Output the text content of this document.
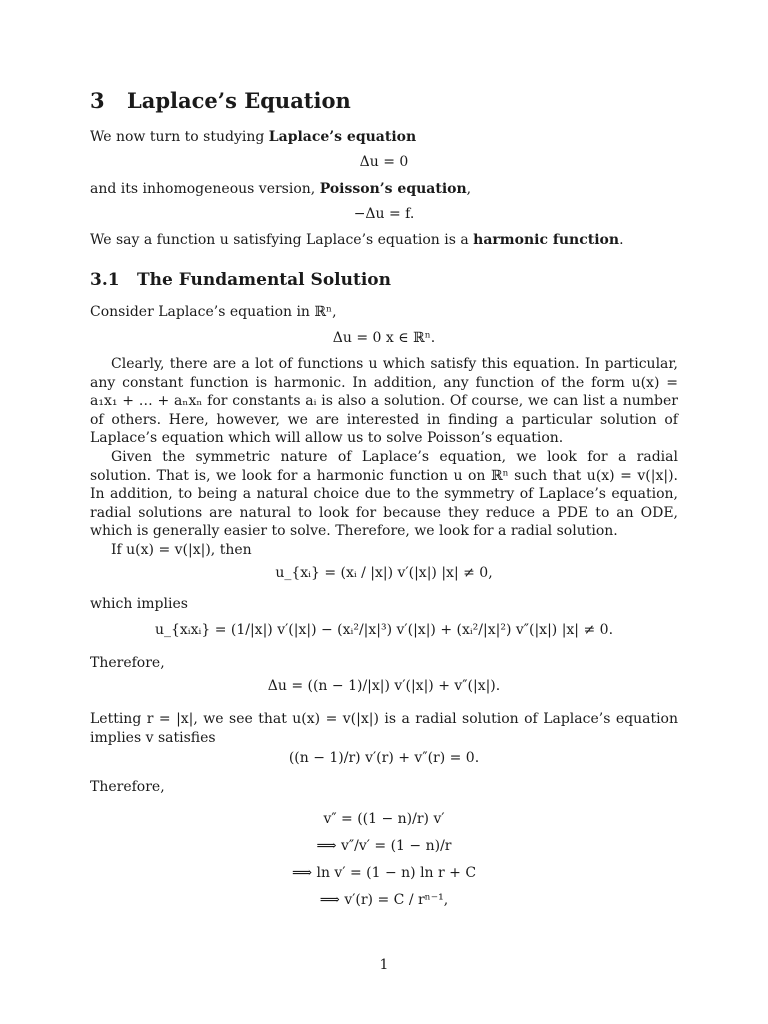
3 Laplace’s Equation

We now turn to studying Laplace’s equation

Δu = 0

and its inhomogeneous version, Poisson’s equation,

−Δu = f.

We say a function u satisfying Laplace’s equation is a harmonic function.

3.1 The Fundamental Solution

Consider Laplace’s equation in ℝⁿ,

Δu = 0 x ∈ ℝⁿ.

Clearly, there are a lot of functions u which satisfy this equation. In particular, any constant function is harmonic. In addition, any function of the form u(x) = a₁x₁ + … + aₙxₙ for constants aᵢ is also a solution. Of course, we can list a number of others. Here, however, we are interested in finding a particular solution of Laplace’s equation which will allow us to solve Poisson’s equation.

Given the symmetric nature of Laplace’s equation, we look for a radial solution. That is, we look for a harmonic function u on ℝⁿ such that u(x) = v(|x|). In addition, to being a natural choice due to the symmetry of Laplace’s equation, radial solutions are natural to look for because they reduce a PDE to an ODE, which is generally easier to solve. Therefore, we look for a radial solution.

If u(x) = v(|x|), then

u_{xᵢ} = (xᵢ / |x|) v′(|x|) |x| ≠ 0,

which implies

u_{xᵢxᵢ} = (1/|x|) v′(|x|) − (xᵢ²/|x|³) v′(|x|) + (xᵢ²/|x|²) v″(|x|) |x| ≠ 0.

Therefore,

Δu = ((n − 1)/|x|) v′(|x|) + v″(|x|).

Letting r = |x|, we see that u(x) = v(|x|) is a radial solution of Laplace’s equation implies v satisfies

((n − 1)/r) v′(r) + v″(r) = 0.

Therefore,

v″ = ((1 − n)/r) v′
⟹ v″/v′ = (1 − n)/r
⟹ ln v′ = (1 − n) ln r + C
⟹ v′(r) = C / rⁿ⁻¹,
1
